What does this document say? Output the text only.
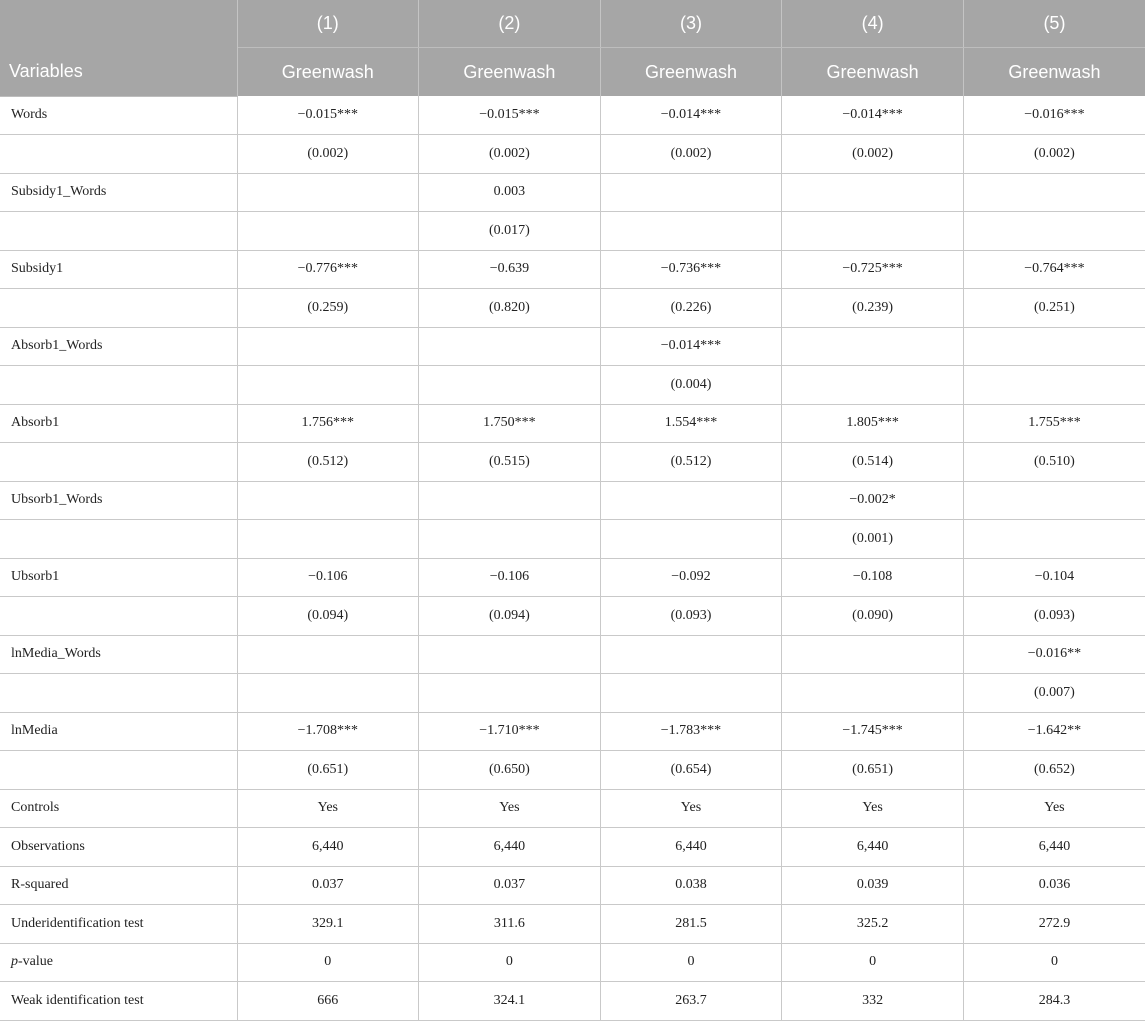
Variables	(1)	(2)	(3)	(4)	(5)
	Greenwash	Greenwash	Greenwash	Greenwash	Greenwash
Words	−0.015***	−0.015***	−0.014***	−0.014***	−0.016***
	(0.002)	(0.002)	(0.002)	(0.002)	(0.002)
Subsidy1_Words		0.003			
		(0.017)			
Subsidy1	−0.776***	−0.639	−0.736***	−0.725***	−0.764***
	(0.259)	(0.820)	(0.226)	(0.239)	(0.251)
Absorb1_Words			−0.014***		
			(0.004)		
Absorb1	1.756***	1.750***	1.554***	1.805***	1.755***
	(0.512)	(0.515)	(0.512)	(0.514)	(0.510)
Ubsorb1_Words				−0.002*	
				(0.001)	
Ubsorb1	−0.106	−0.106	−0.092	−0.108	−0.104
	(0.094)	(0.094)	(0.093)	(0.090)	(0.093)
lnMedia_Words					−0.016**
					(0.007)
lnMedia	−1.708***	−1.710***	−1.783***	−1.745***	−1.642**
	(0.651)	(0.650)	(0.654)	(0.651)	(0.652)
Controls	Yes	Yes	Yes	Yes	Yes
Observations	6,440	6,440	6,440	6,440	6,440
R-squared	0.037	0.037	0.038	0.039	0.036
Underidentification test	329.1	311.6	281.5	325.2	272.9
p-value	0	0	0	0	0
Weak identification test	666	324.1	263.7	332	284.3
